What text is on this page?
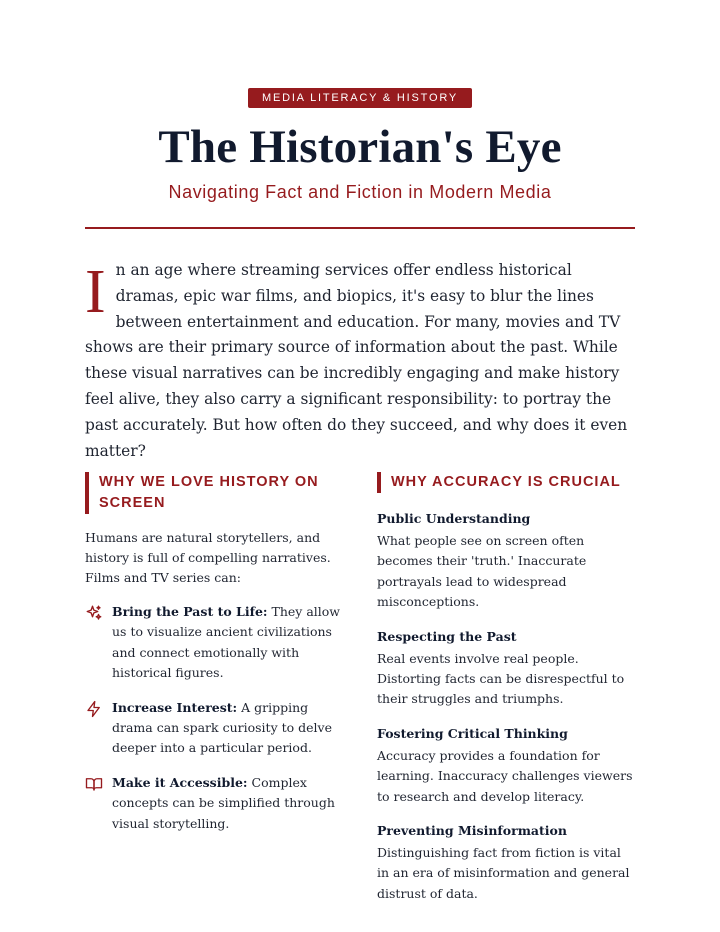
MEDIA LITERACY & HISTORY
The Historian's Eye
Navigating Fact and Fiction in Modern Media

In an age where streaming services offer endless historical dramas, epic war films, and biopics, it's easy to blur the lines between entertainment and education. For many, movies and TV shows are their primary source of information about the past. While these visual narratives can be incredibly engaging and make history feel alive, they also carry a significant responsibility: to portray the past accurately. But how often do they succeed, and why does it even matter?

WHY WE LOVE HISTORY ON SCREEN

Humans are natural storytellers, and history is full of compelling narratives. Films and TV series can:

Bring the Past to Life: They allow us to visualize ancient civilizations and connect emotionally with historical figures.
Increase Interest: A gripping drama can spark curiosity to delve deeper into a particular period.
Make it Accessible: Complex concepts can be simplified through visual storytelling.
WHY ACCURACY IS CRUCIAL

Public Understanding

What people see on screen often becomes their 'truth.' Inaccurate portrayals lead to widespread misconceptions.

Respecting the Past

Real events involve real people. Distorting facts can be disrespectful to their struggles and triumphs.

Fostering Critical Thinking

Accuracy provides a foundation for learning. Inaccuracy challenges viewers to research and develop literacy.

Preventing Misinformation

Distinguishing fact from fiction is vital in an era of misinformation and general distrust of data.
